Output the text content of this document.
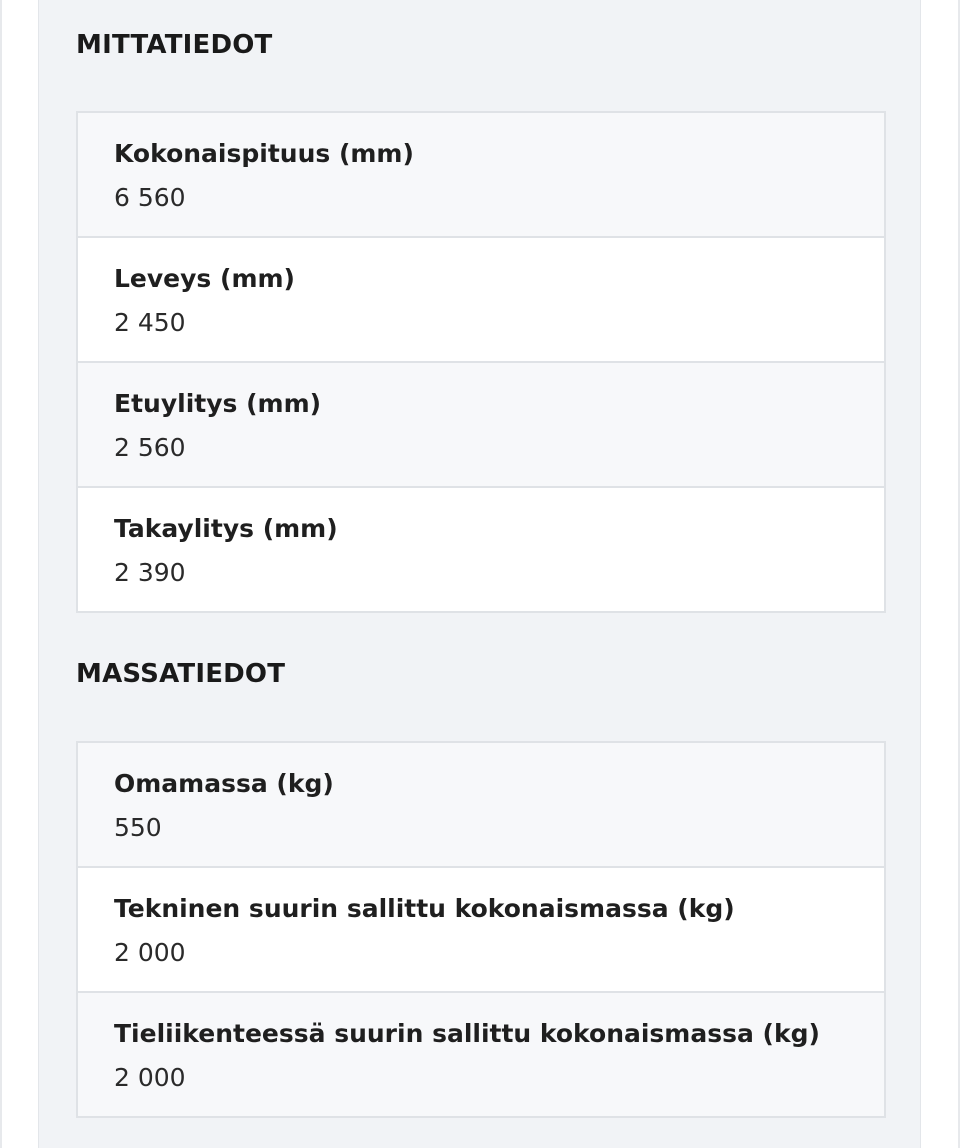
MITTATIEDOT
Kokonaispituus (mm)
6 560
Leveys (mm)
2 450
Etuylitys (mm)
2 560
Takaylitys (mm)
2 390
MASSATIEDOT
Omamassa (kg)
550
Tekninen suurin sallittu kokonaismassa (kg)
2 000
Tieliikenteessä suurin sallittu kokonaismassa (kg)
2 000
